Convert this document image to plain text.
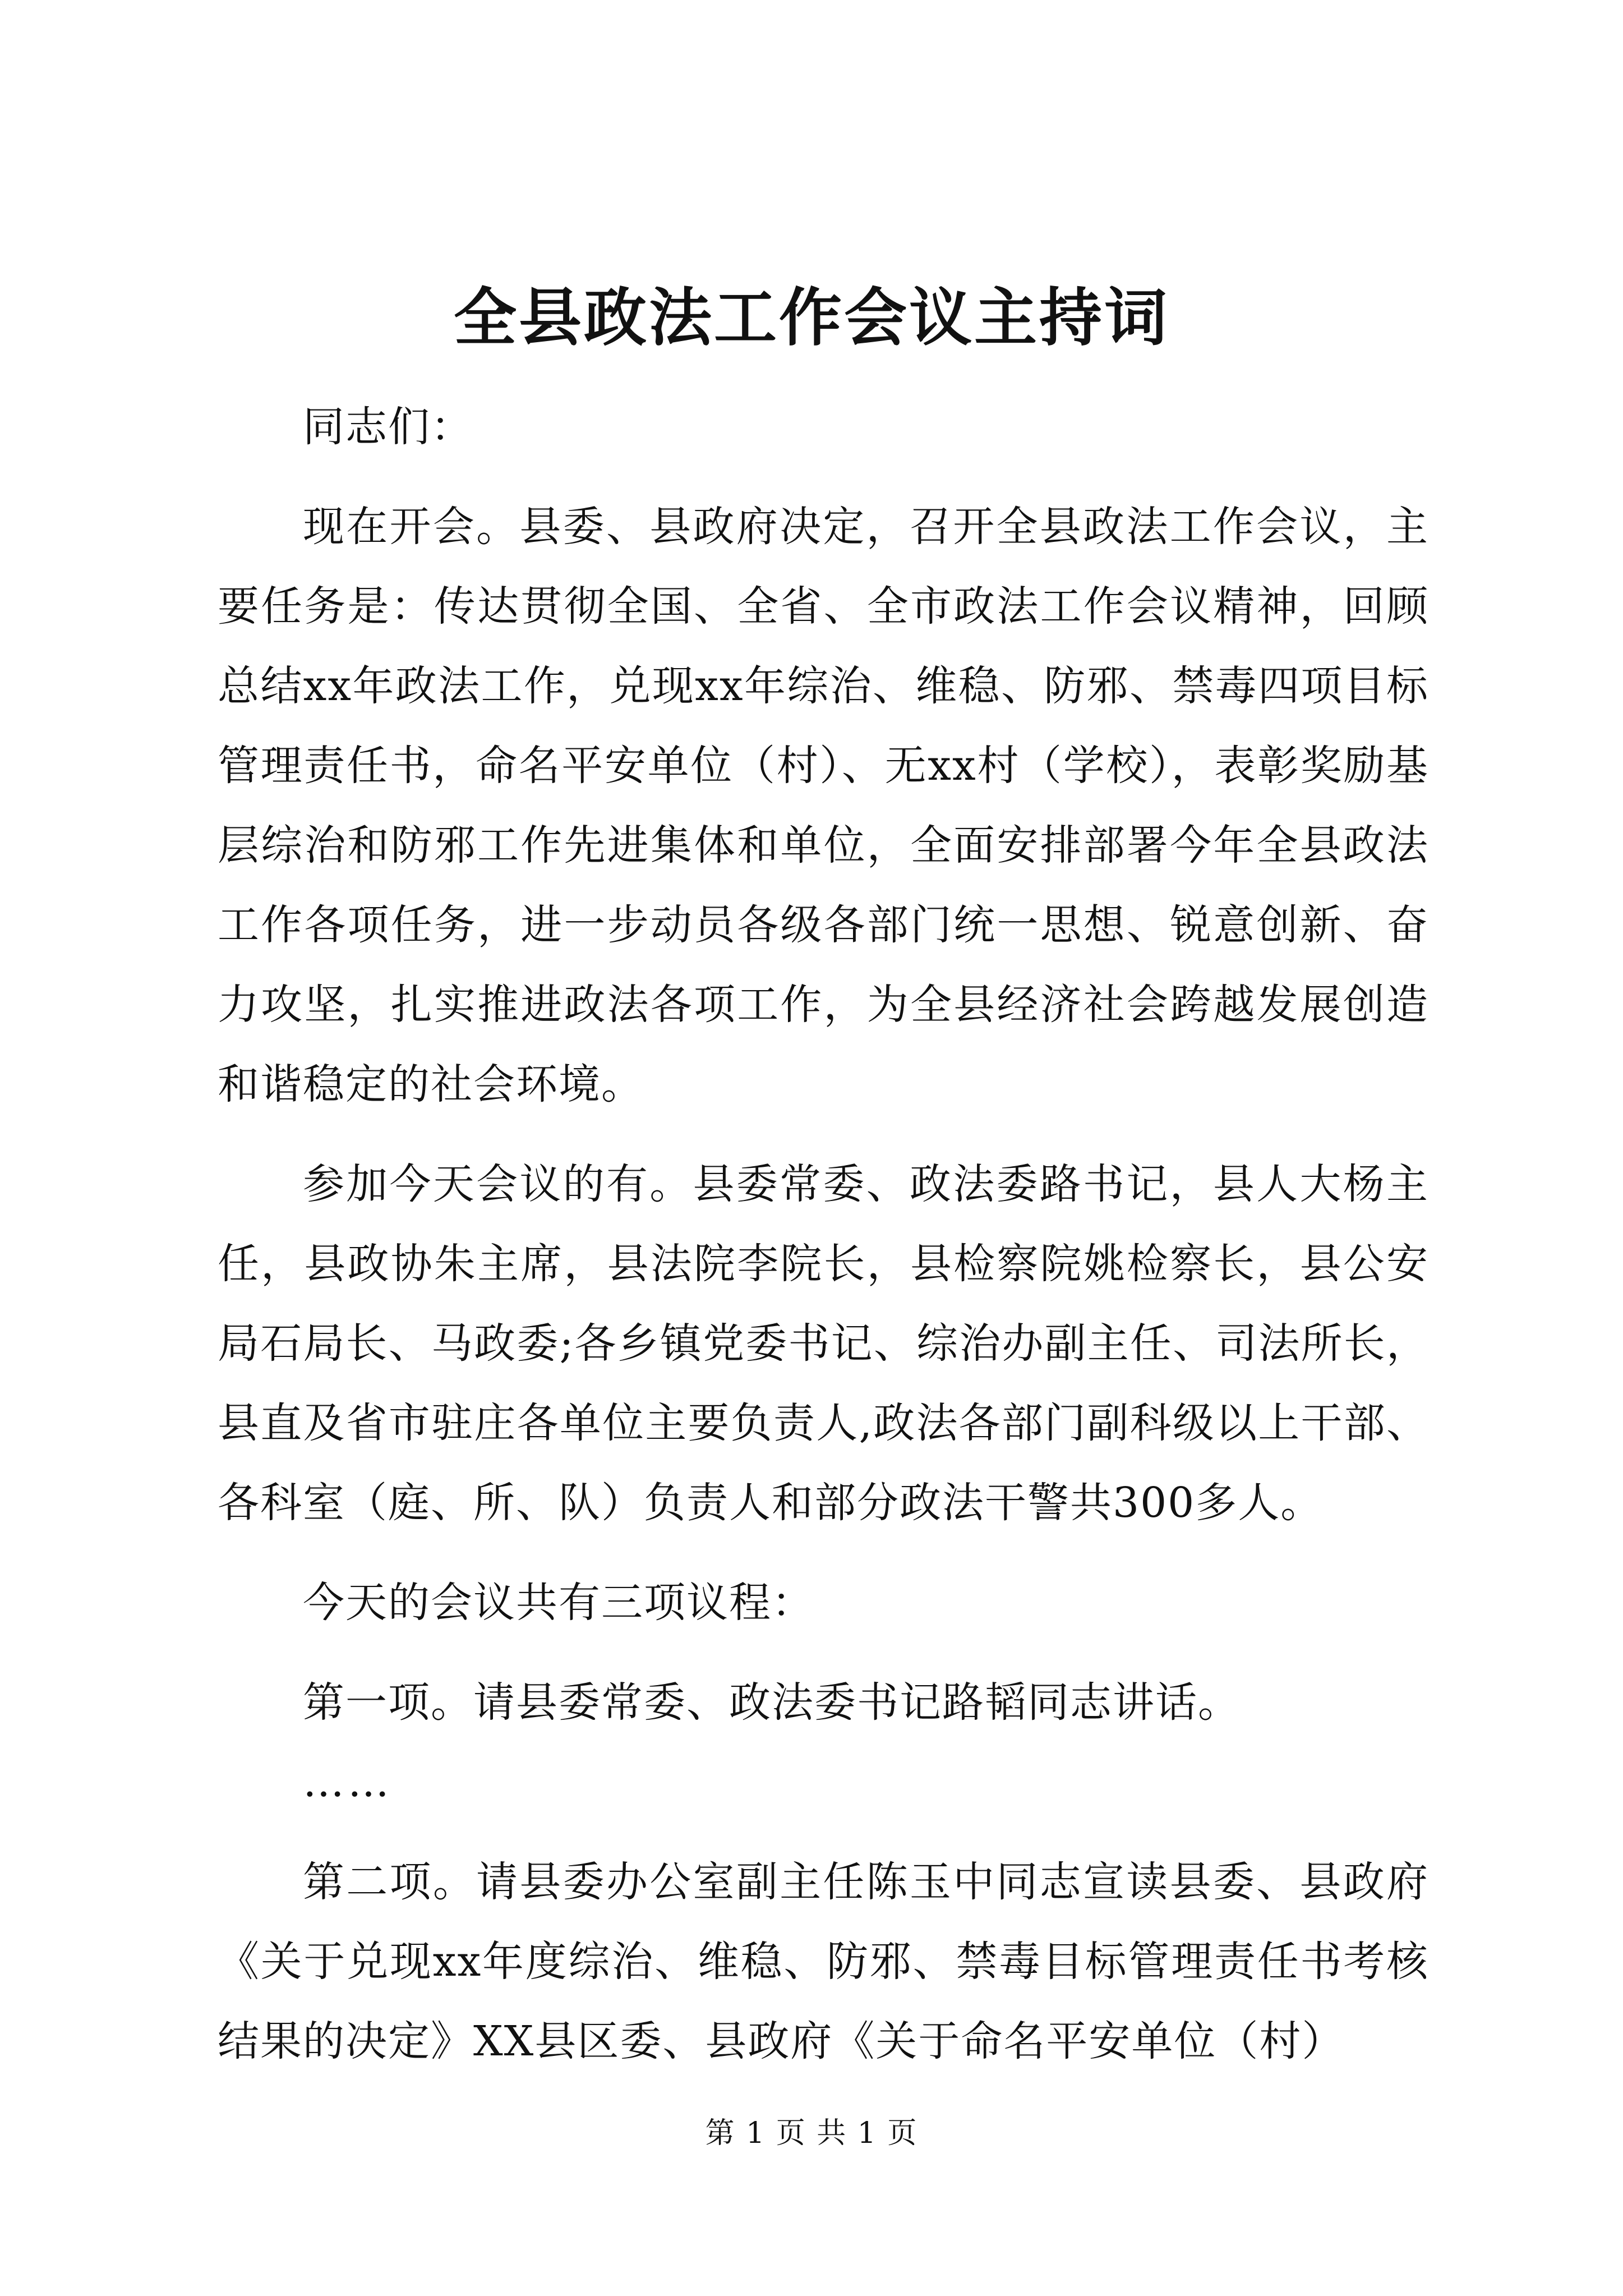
全县政法工作会议主持词

同志们：

现在开会。县委、县政府决定，召开全县政法工作会议，主要任务是：传达贯彻全国、全省、全市政法工作会议精神，回顾总结xx年政法工作，兑现xx年综治、维稳、防邪、禁毒四项目标管理责任书，命名平安单位（村）、无xx村（学校），表彰奖励基层综治和防邪工作先进集体和单位，全面安排部署今年全县政法工作各项任务，进一步动员各级各部门统一思想、锐意创新、奋力攻坚，扎实推进政法各项工作，为全县经济社会跨越发展创造和谐稳定的社会环境。

参加今天会议的有。县委常委、政法委路书记，县人大杨主任，县政协朱主席，县法院李院长，县检察院姚检察长，县公安局石局长、马政委;各乡镇党委书记、综治办副主任、司法所长，县直及省市驻庄各单位主要负责人,政法各部门副科级以上干部、各科室（庭、所、队）负责人和部分政法干警共300多人。

今天的会议共有三项议程：

第一项。请县委常委、政法委书记路韬同志讲话。

……

第二项。请县委办公室副主任陈玉中同志宣读县委、县政府《关于兑现xx年度综治、维稳、防邪、禁毒目标管理责任书考核结果的决定》XX县区委、县政府《关于命名平安单位（村）

第 1 页 共 1 页
